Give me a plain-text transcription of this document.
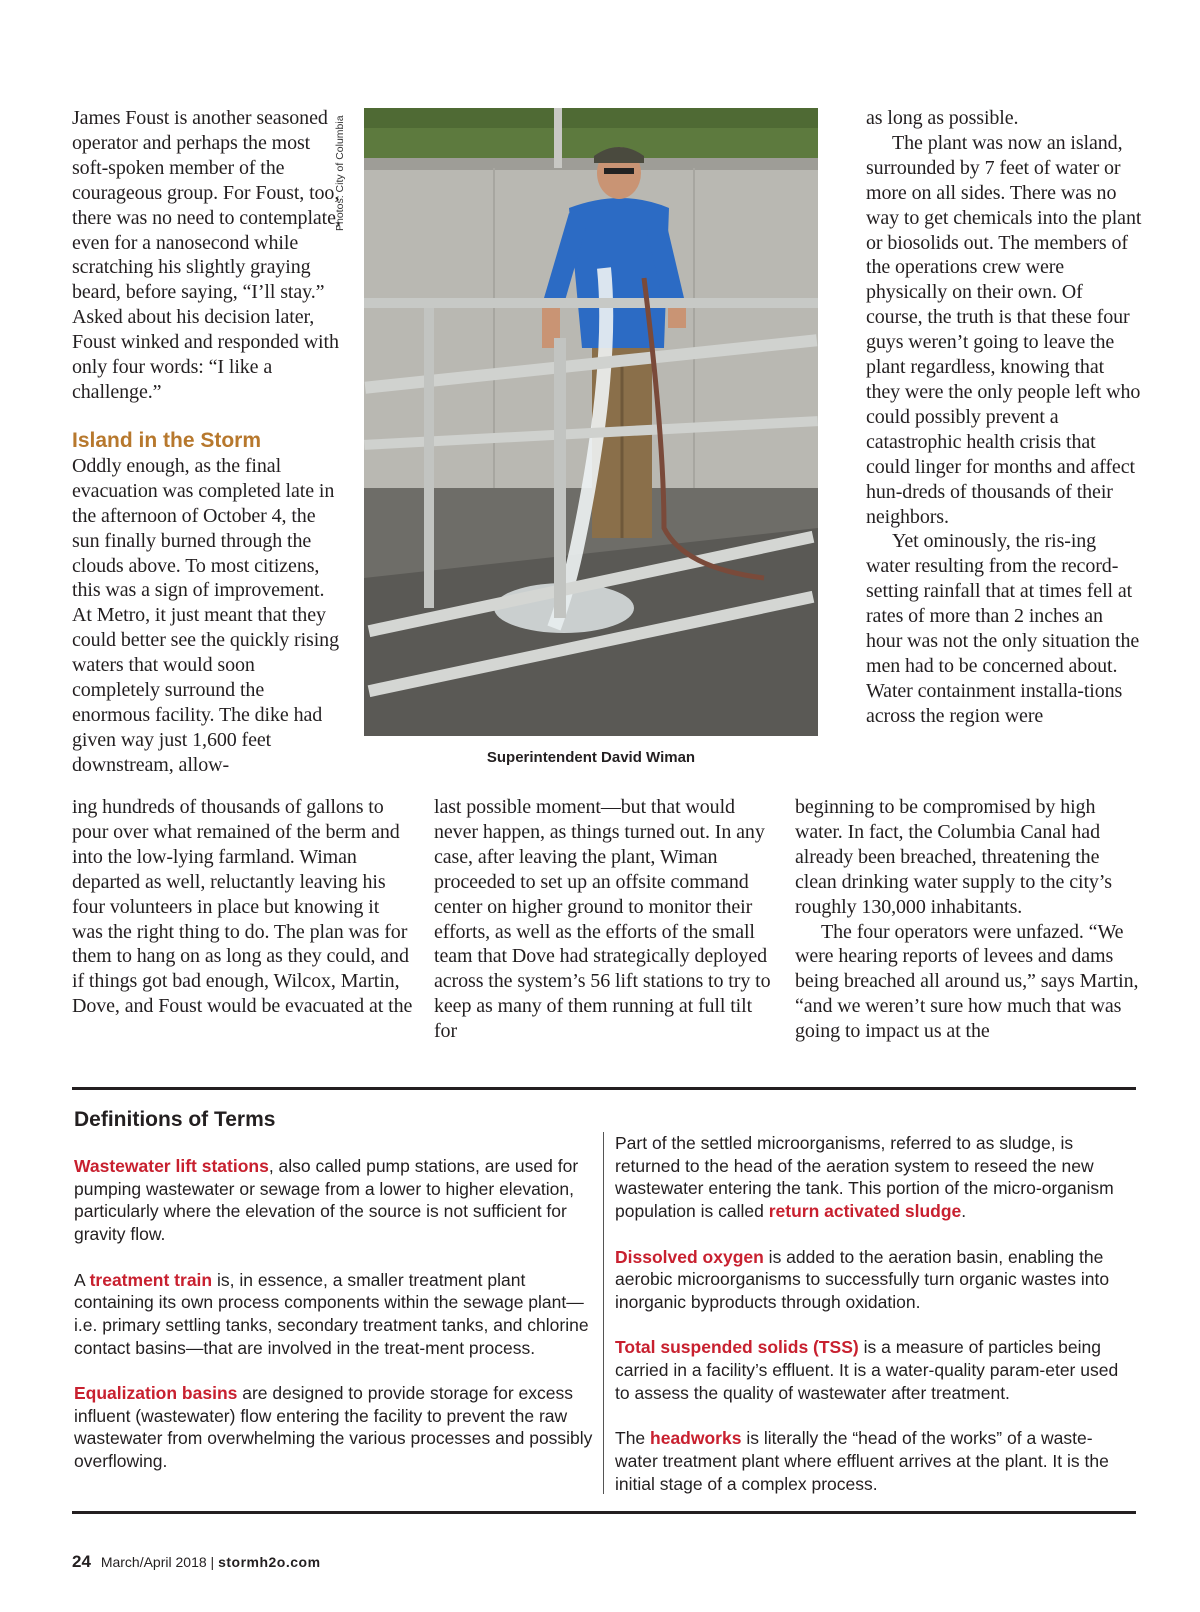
James Foust is another seasoned operator and perhaps the most soft-spoken member of the courageous group. For Foust, too, there was no need to contemplate, even for a nanosecond while scratching his slightly graying beard, before saying, “I’ll stay.” Asked about his decision later, Foust winked and responded with only four words: “I like a challenge.”

Island in the Storm

Oddly enough, as the final evacuation was completed late in the afternoon of October 4, the sun finally burned through the clouds above. To most citizens, this was a sign of improvement. At Metro, it just meant that they could better see the quickly rising waters that would soon completely surround the enormous facility. The dike had given way just 1,600 feet downstream, allow-

ing hundreds of thousands of gallons to pour over what remained of the berm and into the low-lying farmland. Wiman departed as well, reluctantly leaving his four volunteers in place but knowing it was the right thing to do. The plan was for them to hang on as long as they could, and if things got bad enough, Wilcox, Martin, Dove, and Foust would be evacuated at the

last possible moment—but that would never happen, as things turned out. In any case, after leaving the plant, Wiman proceeded to set up an offsite command center on higher ground to monitor their efforts, as well as the efforts of the small team that Dove had strategically deployed across the system’s 56 lift stations to try to keep as many of them running at full tilt for

as long as possible.

The plant was now an island, surrounded by 7 feet of water or more on all sides. There was no way to get chemicals into the plant or biosolids out. The members of the operations crew were physically on their own. Of course, the truth is that these four guys weren’t going to leave the plant regardless, knowing that they were the only people left who could possibly prevent a catastrophic health crisis that could linger for months and affect hun-dreds of thousands of their neighbors.

Yet ominously, the ris-ing water resulting from the record-setting rainfall that at times fell at rates of more than 2 inches an hour was not the only situation the men had to be concerned about. Water containment installa-tions across the region were

beginning to be compromised by high water. In fact, the Columbia Canal had already been breached, threatening the clean drinking water supply to the city’s roughly 130,000 inhabitants.

The four operators were unfazed. “We were hearing reports of levees and dams being breached all around us,” says Martin, “and we weren’t sure how much that was going to impact us at the

Photos: City of Columbia
Superintendent David Wiman
Definitions of Terms

Wastewater lift stations, also called pump stations, are used for pumping wastewater or sewage from a lower to higher elevation, particularly where the elevation of the source is not sufficient for gravity flow.

A treatment train is, in essence, a smaller treatment plant containing its own process components within the sewage plant—i.e. primary settling tanks, secondary treatment tanks, and chlorine contact basins—that are involved in the treat-ment process.

Equalization basins are designed to provide storage for excess influent (wastewater) flow entering the facility to prevent the raw wastewater from overwhelming the various processes and possibly overflowing.

Part of the settled microorganisms, referred to as sludge, is returned to the head of the aeration system to reseed the new wastewater entering the tank. This portion of the micro-organism population is called return activated sludge.

Dissolved oxygen is added to the aeration basin, enabling the aerobic microorganisms to successfully turn organic wastes into inorganic byproducts through oxidation.

Total suspended solids (TSS) is a measure of particles being carried in a facility’s effluent. It is a water-quality param-eter used to assess the quality of wastewater after treatment.

The headworks is literally the “head of the works” of a waste-water treatment plant where effluent arrives at the plant. It is the initial stage of a complex process.

24 March/April 2018 | stormh2o.com
